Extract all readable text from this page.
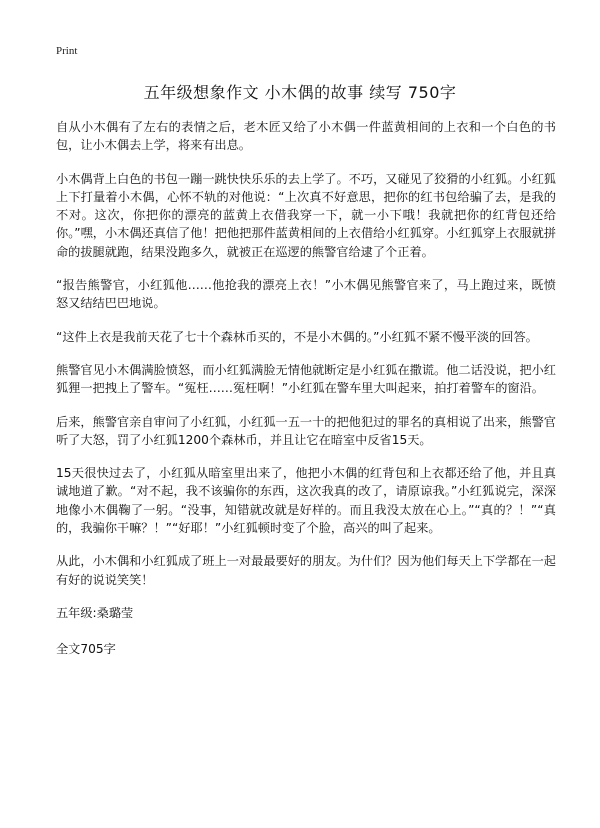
Print
五年级想象作文 小木偶的故事 续写 750字

自从小木偶有了左右的表情之后，老木匠又给了小木偶一件蓝黄相间的上衣和一个白色的书包，让小木偶去上学，将来有出息。

小木偶背上白色的书包一蹦一跳快快乐乐的去上学了。不巧，又碰见了狡猾的小红狐。小红狐上下打量着小木偶，心怀不轨的对他说：“上次真不好意思，把你的红书包给骗了去，是我的不对。这次，你把你的漂亮的蓝黄上衣借我穿一下，就一小下哦！我就把你的红背包还给你。”嘿，小木偶还真信了他！把他把那件蓝黄相间的上衣借给小红狐穿。小红狐穿上衣服就拼命的拔腿就跑，结果没跑多久，就被正在巡逻的熊警官给逮了个正着。

“报告熊警官，小红狐他……他抢我的漂亮上衣！”小木偶见熊警官来了，马上跑过来，既愤怒又结结巴巴地说。

“这件上衣是我前天花了七十个森林币买的，不是小木偶的。”小红狐不紧不慢平淡的回答。

熊警官见小木偶满脸愤怒，而小红狐满脸无情他就断定是小红狐在撒谎。他二话没说，把小红狐狸一把拽上了警车。“冤枉……冤枉啊！”小红狐在警车里大叫起来，拍打着警车的窗沿。

后来，熊警官亲自审问了小红狐，小红狐一五一十的把他犯过的罪名的真相说了出来，熊警官听了大怒，罚了小红狐1200个森林币，并且让它在暗室中反省15天。

15天很快过去了，小红狐从暗室里出来了，他把小木偶的红背包和上衣都还给了他，并且真诚地道了歉。“对不起，我不该骗你的东西，这次我真的改了，请原谅我。”小红狐说完，深深地像小木偶鞠了一躬。“没事，知错就改就是好样的。而且我没太放在心上。”“真的？！”“真的，我骗你干嘛？！”“好耶！”小红狐顿时变了个脸，高兴的叫了起来。

从此，小木偶和小红狐成了班上一对最最要好的朋友。为什们？因为他们每天上下学都在一起有好的说说笑笑！

五年级:桑璐莹
全文705字
